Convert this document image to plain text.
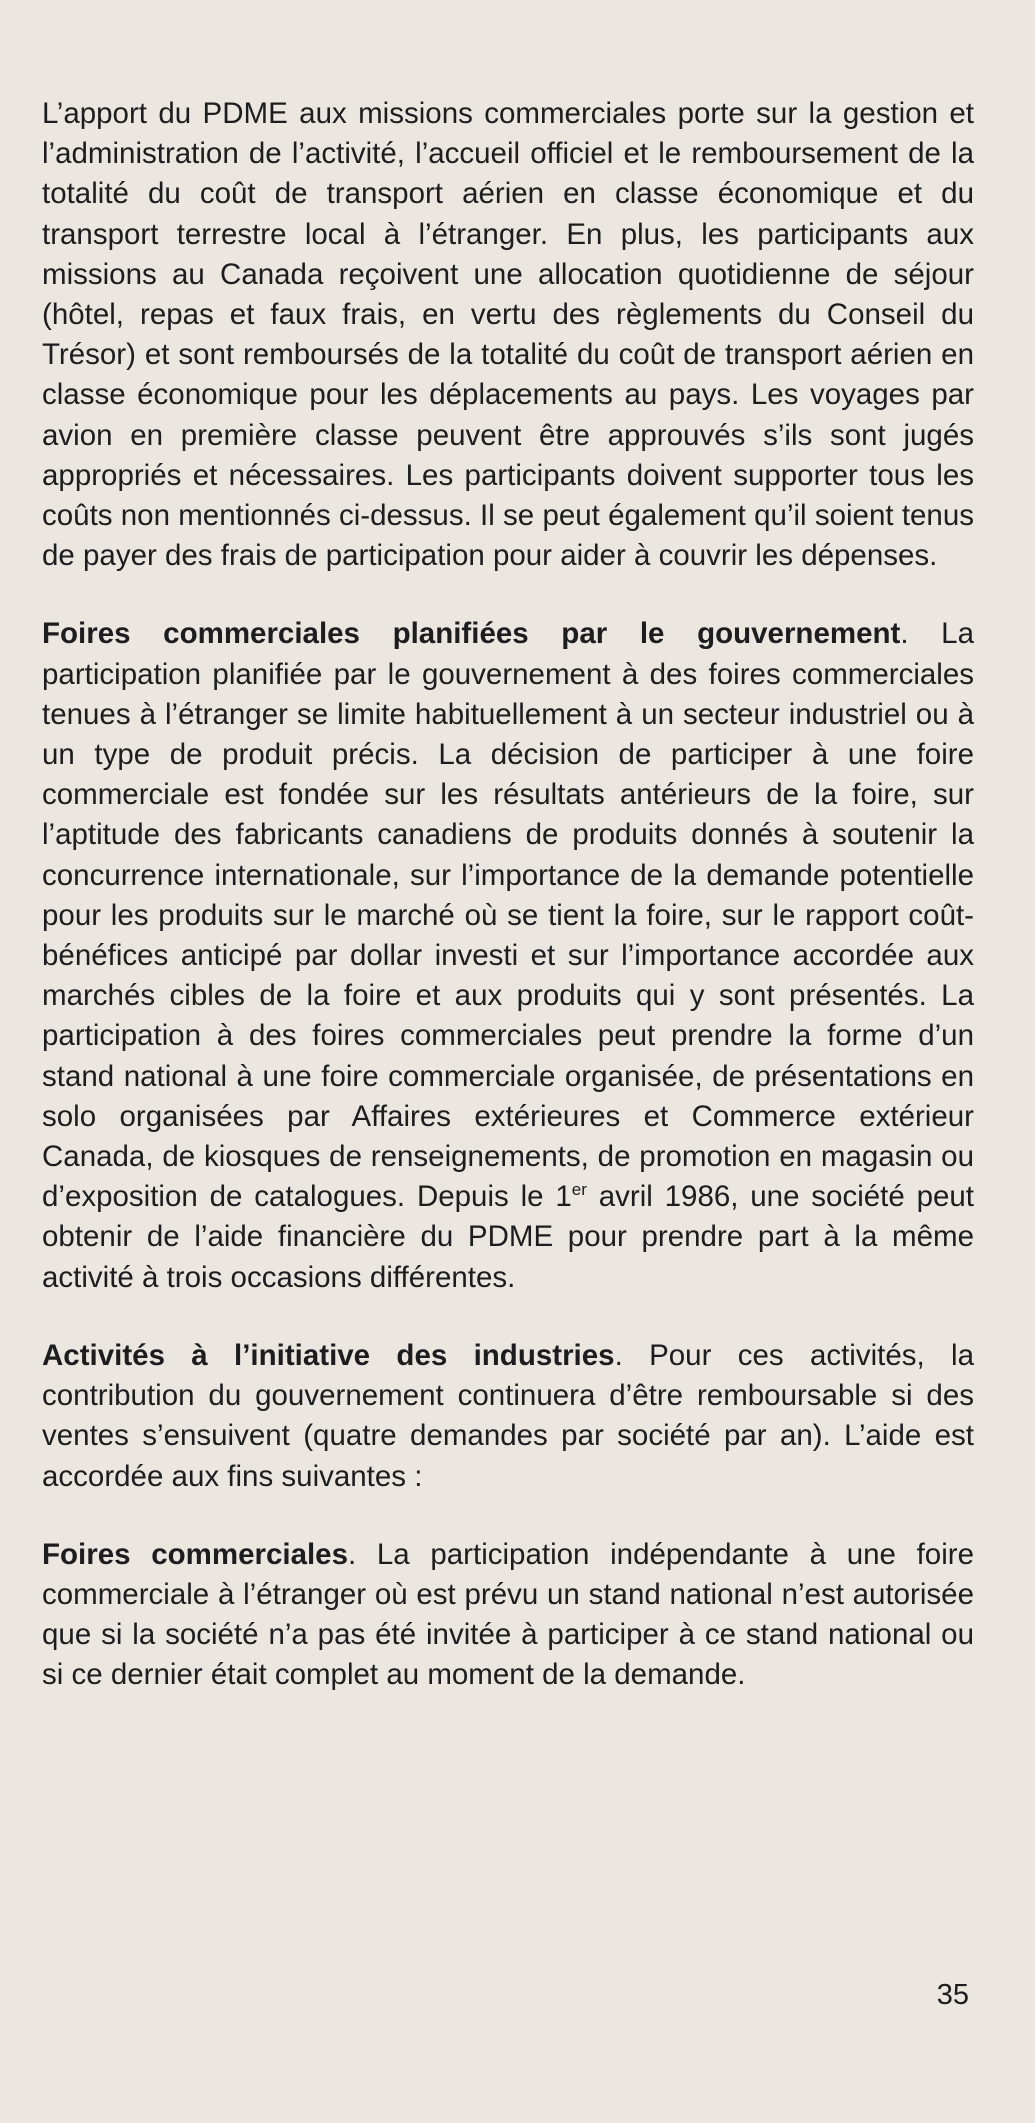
L’apport du PDME aux missions commerciales porte sur la gestion et l’administration de l’activité, l’accueil officiel et le remboursement de la totalité du coût de transport aérien en classe économique et du transport terrestre local à l’étranger. En plus, les participants aux missions au Canada reçoivent une allocation quotidienne de séjour (hôtel, repas et faux frais, en vertu des règlements du Conseil du Trésor) et sont remboursés de la totalité du coût de transport aérien en classe économique pour les déplacements au pays. Les voyages par avion en première classe peuvent être approuvés s’ils sont jugés appropriés et nécessaires. Les participants doivent supporter tous les coûts non mentionnés ci-dessus. Il se peut également qu’il soient tenus de payer des frais de participation pour aider à couvrir les dépenses.

Foires commerciales planifiées par le gouvernement. La participation planifiée par le gouvernement à des foires commerciales tenues à l’étranger se limite habituellement à un secteur industriel ou à un type de produit précis. La décision de participer à une foire commerciale est fondée sur les résultats antérieurs de la foire, sur l’aptitude des fabricants canadiens de produits donnés à soutenir la concurrence internationale, sur l’importance de la demande potentielle pour les produits sur le marché où se tient la foire, sur le rapport coût-bénéfices anticipé par dollar investi et sur l’importance accordée aux marchés cibles de la foire et aux produits qui y sont présentés. La participation à des foires commerciales peut prendre la forme d’un stand national à une foire commerciale organisée, de présentations en solo organisées par Affaires extérieures et Commerce extérieur Canada, de kiosques de renseignements, de promotion en magasin ou d’exposition de catalogues. Depuis le 1er avril 1986, une société peut obtenir de l’aide financière du PDME pour prendre part à la même activité à trois occasions différentes.

Activités à l’initiative des industries. Pour ces activités, la contribution du gouvernement continuera d’être remboursable si des ventes s’ensuivent (quatre demandes par société par an). L’aide est accordée aux fins suivantes :

Foires commerciales. La participation indépendante à une foire commerciale à l’étranger où est prévu un stand national n’est autorisée que si la société n’a pas été invitée à participer à ce stand national ou si ce dernier était complet au moment de la demande.

35
